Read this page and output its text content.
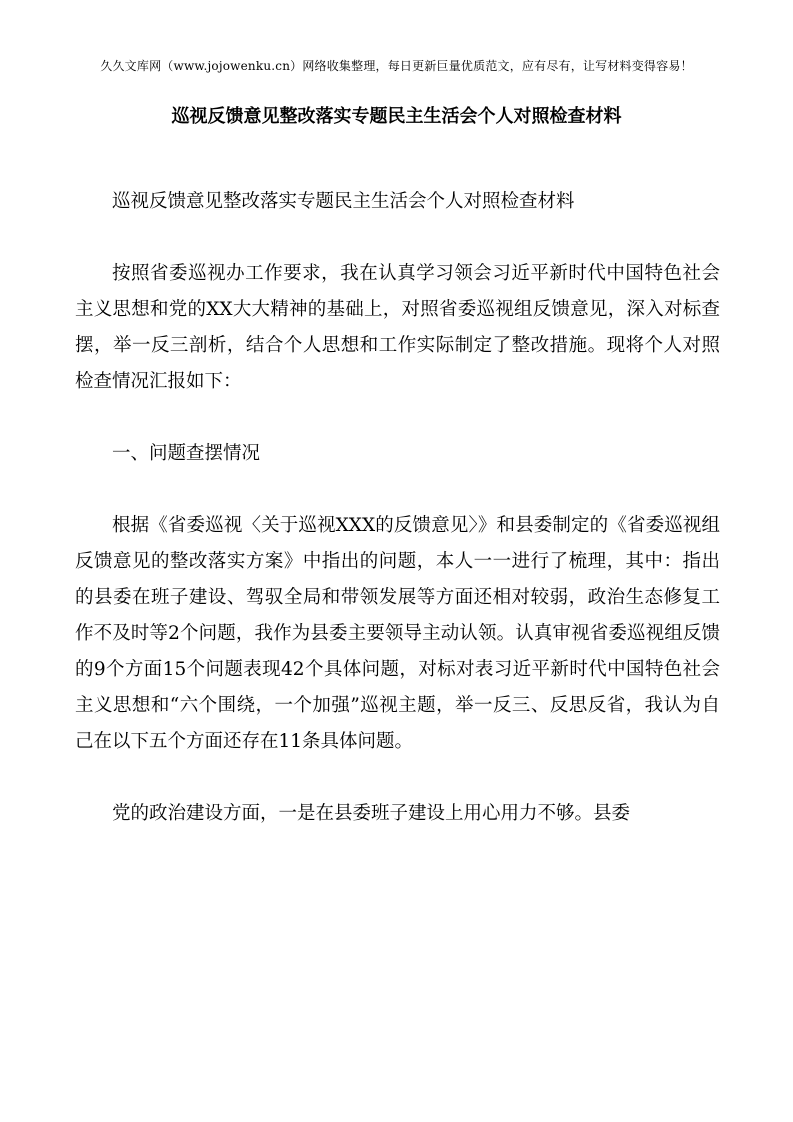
久久文库网（www.jojowenku.cn）网络收集整理，每日更新巨量优质范文，应有尽有，让写材料变得容易！
巡视反馈意见整改落实专题民主生活会个人对照检查材料

巡视反馈意见整改落实专题民主生活会个人对照检查材料

按照省委巡视办工作要求，我在认真学习领会习近平新时代中国特色社会主义思想和党的XX大大精神的基础上，对照省委巡视组反馈意见，深入对标查摆，举一反三剖析，结合个人思想和工作实际制定了整改措施。现将个人对照检查情况汇报如下：

一、问题查摆情况

根据《省委巡视〈关于巡视XXX的反馈意见〉》和县委制定的《省委巡视组反馈意见的整改落实方案》中指出的问题，本人一一进行了梳理，其中：指出的县委在班子建设、驾驭全局和带领发展等方面还相对较弱，政治生态修复工作不及时等2个问题，我作为县委主要领导主动认领。认真审视省委巡视组反馈的9个方面15个问题表现42个具体问题，对标对表习近平新时代中国特色社会主义思想和“六个围绕，一个加强”巡视主题，举一反三、反思反省，我认为自己在以下五个方面还存在11条具体问题。

党的政治建设方面，一是在县委班子建设上用心用力不够。县委
